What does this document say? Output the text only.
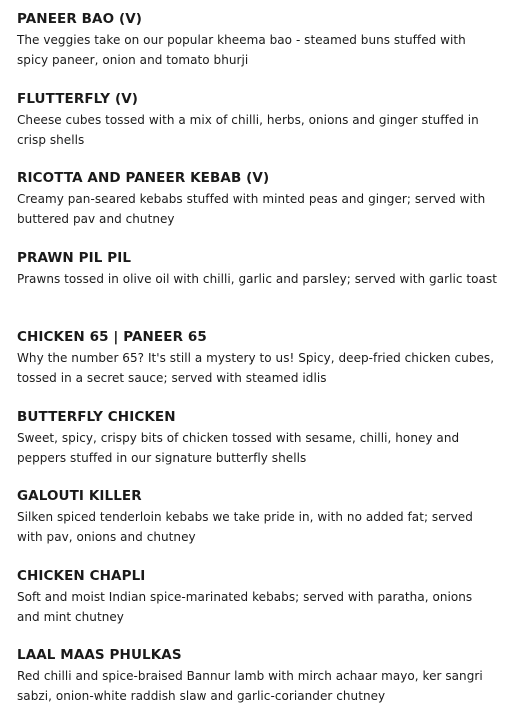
PANEER BAO (V)

The veggies take on our popular kheema bao - steamed buns stuffed with spicy paneer, onion and tomato bhurji

FLUTTERFLY (V)

Cheese cubes tossed with a mix of chilli, herbs, onions and ginger stuffed in crisp shells

RICOTTA AND PANEER KEBAB (V)

Creamy pan-seared kebabs stuffed with minted peas and ginger; served with buttered pav and chutney

PRAWN PIL PIL

Prawns tossed in olive oil with chilli, garlic and parsley; served with garlic toast

CHICKEN 65 | PANEER 65

Why the number 65? It's still a mystery to us! Spicy, deep-fried chicken cubes, tossed in a secret sauce; served with steamed idlis

BUTTERFLY CHICKEN

Sweet, spicy, crispy bits of chicken tossed with sesame, chilli, honey and peppers stuffed in our signature butterfly shells

GALOUTI KILLER

Silken spiced tenderloin kebabs we take pride in, with no added fat; served with pav, onions and chutney

CHICKEN CHAPLI

Soft and moist Indian spice-marinated kebabs; served with paratha, onions and mint chutney

LAAL MAAS PHULKAS

Red chilli and spice-braised Bannur lamb with mirch achaar mayo, ker sangri sabzi, onion-white raddish slaw and garlic-coriander chutney
